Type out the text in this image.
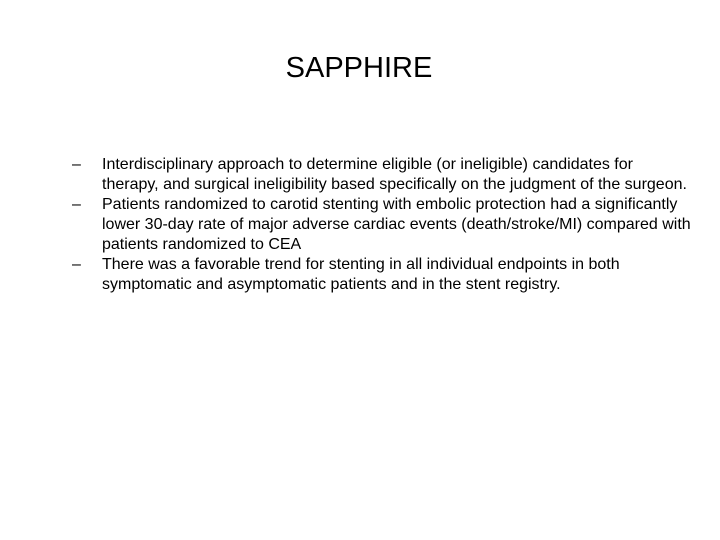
SAPPHIRE
–	Interdisciplinary approach to determine eligible (or ineligible) candidates for therapy, and surgical ineligibility based specifically on the judgment of the surgeon.
–	Patients randomized to carotid stenting with embolic protection had a significantly lower 30-day rate of major adverse cardiac events (death/stroke/MI) compared with patients randomized to CEA
–	There was a favorable trend for stenting in all individual endpoints in both symptomatic and asymptomatic patients and in the stent registry.
